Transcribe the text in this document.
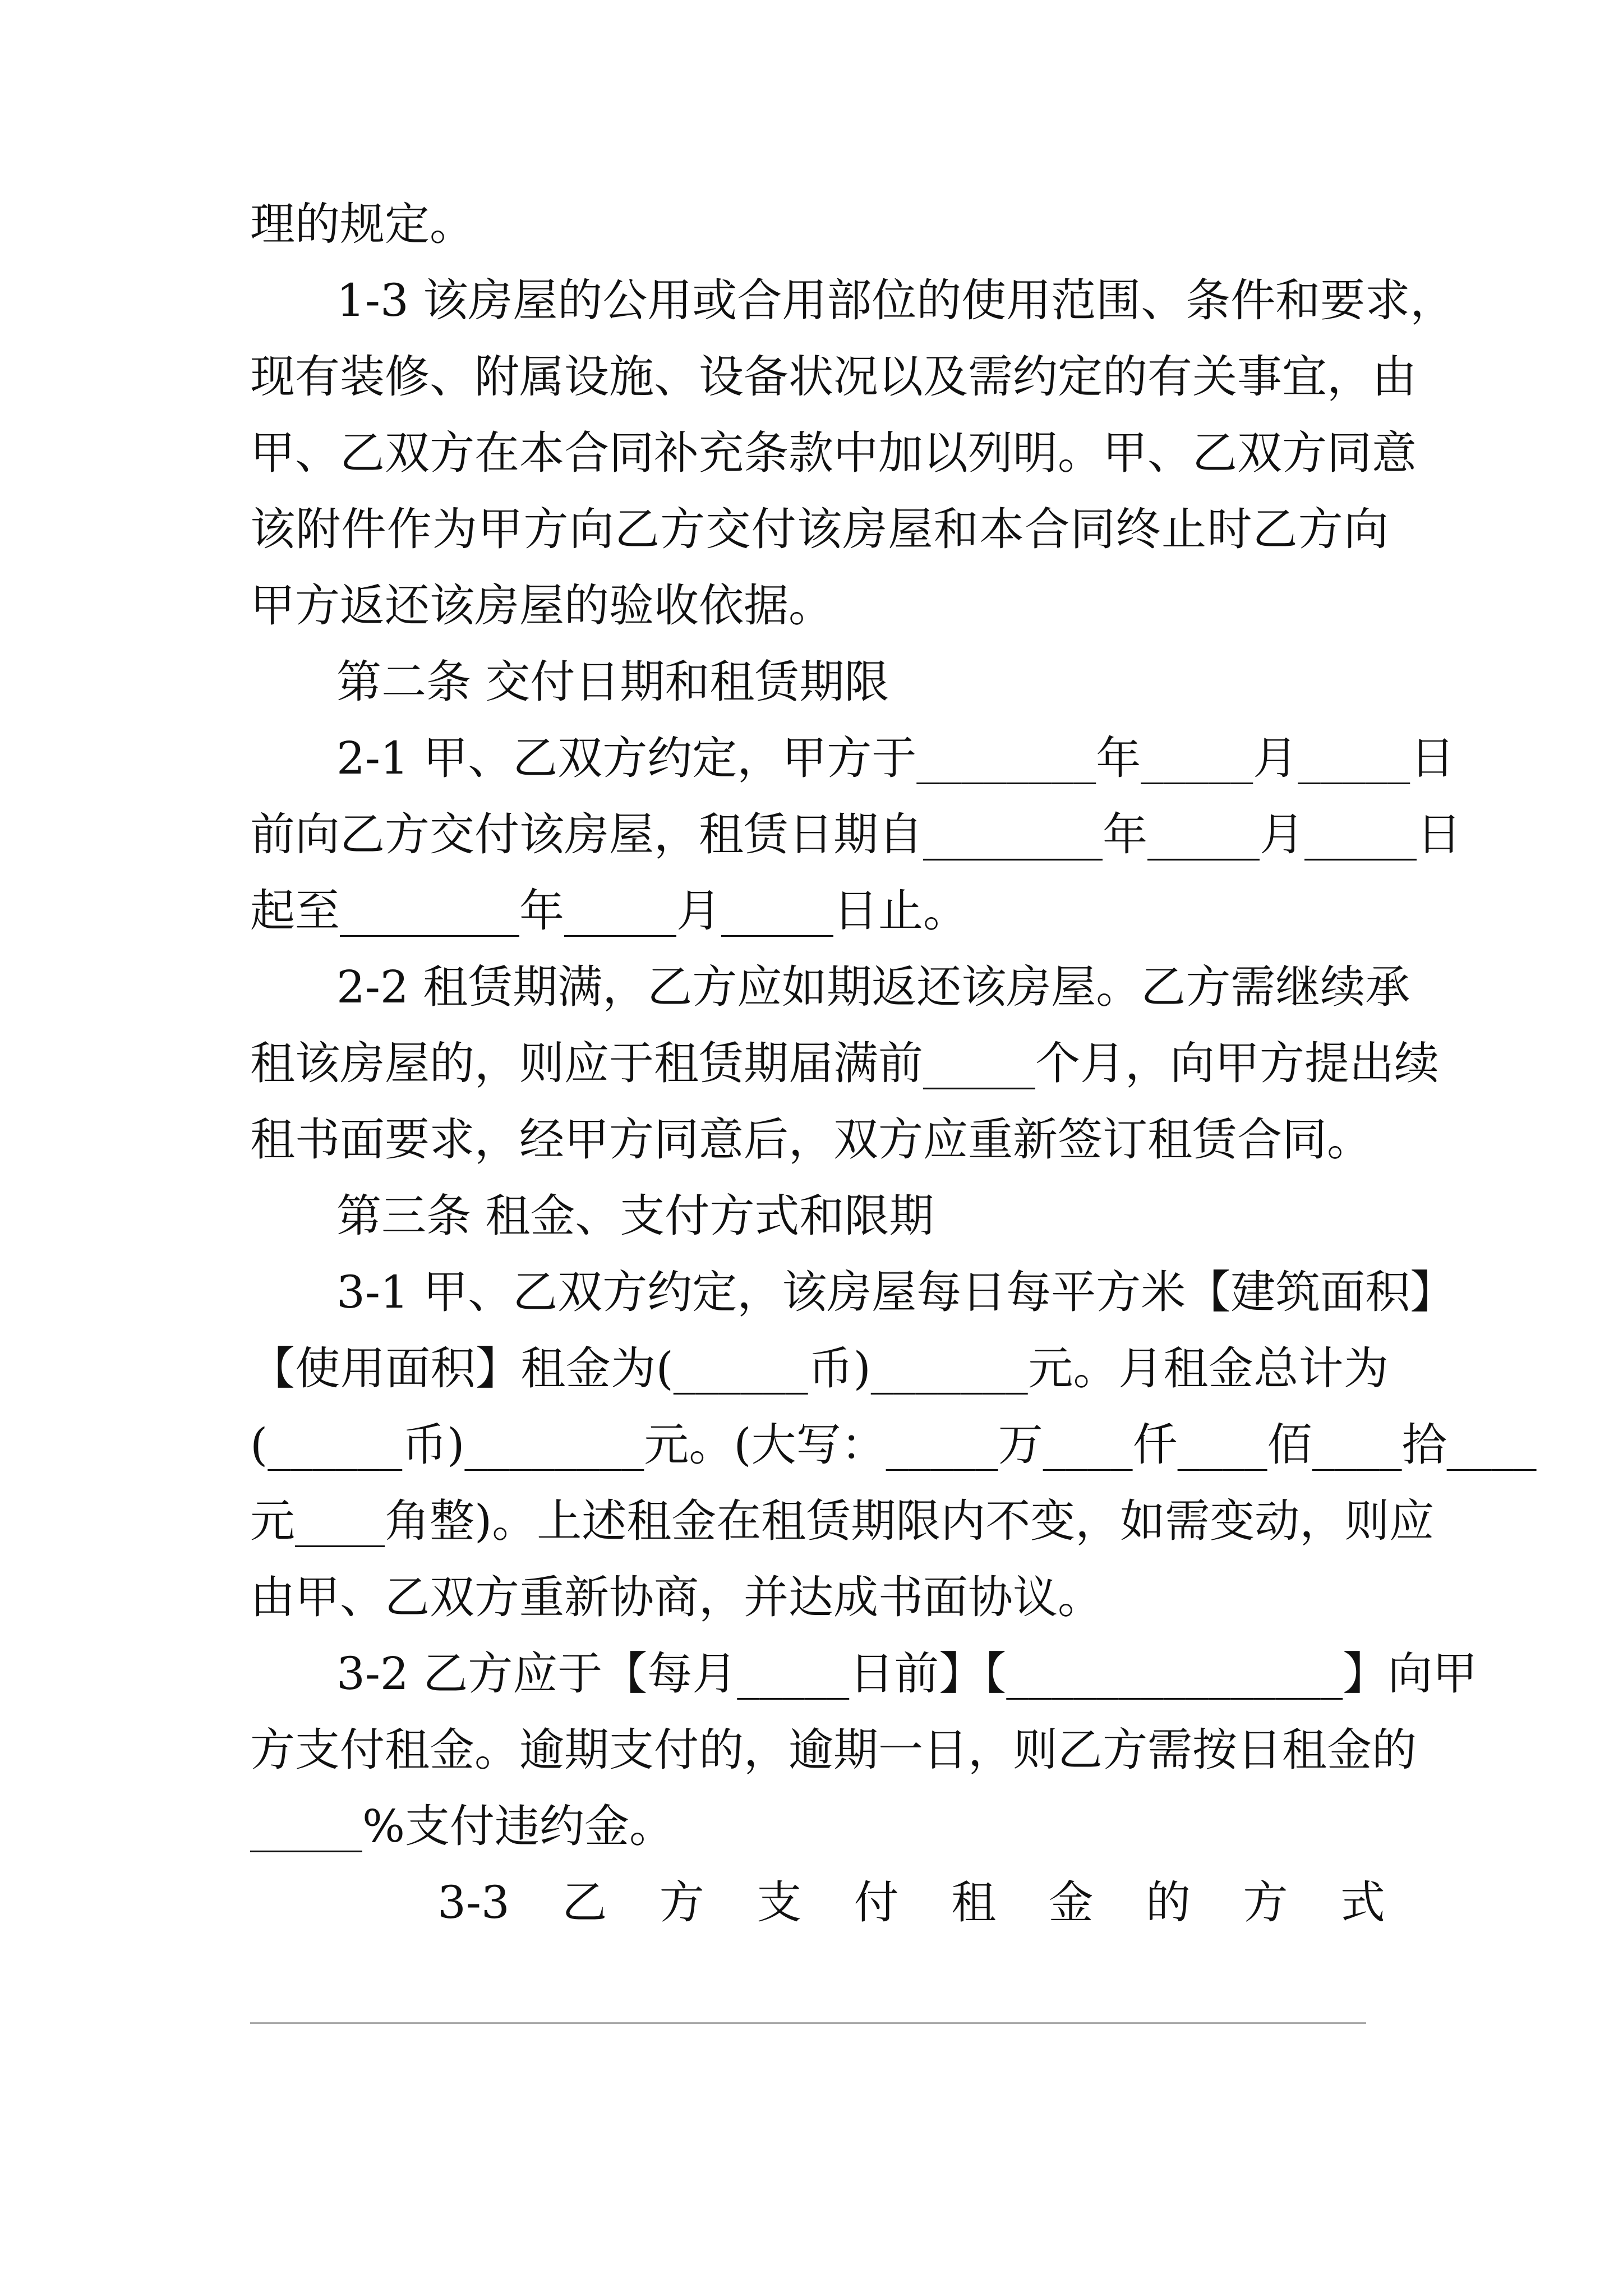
理的规定。
1-3 该房屋的公用或合用部位的使用范围、条件和要求，
现有装修、附属设施、设备状况以及需约定的有关事宜，由
甲、乙双方在本合同补充条款中加以列明。甲、乙双方同意
该附件作为甲方向乙方交付该房屋和本合同终止时乙方向
甲方返还该房屋的验收依据。
第二条 交付日期和租赁期限
2-1 甲、乙双方约定，甲方于________年_____月_____日
前向乙方交付该房屋，租赁日期自________年_____月_____日
起至________年_____月_____日止。
2-2 租赁期满，乙方应如期返还该房屋。乙方需继续承
租该房屋的，则应于租赁期届满前_____个月，向甲方提出续
租书面要求，经甲方同意后，双方应重新签订租赁合同。
第三条 租金、支付方式和限期
3-1 甲、乙双方约定，该房屋每日每平方米【建筑面积】
【使用面积】租金为(______币)_______元。月租金总计为
(______币)________元。(大写：_____万____仟____佰____拾____
元____角整)。上述租金在租赁期限内不变，如需变动，则应
由甲、乙双方重新协商，并达成书面协议。
3-2 乙方应于【每月_____日前】【_______________】向甲
方支付租金。逾期支付的，逾期一日，则乙方需按日租金的
_____%支付违约金。
3-3 乙 方 支 付 租 金 的 方 式
